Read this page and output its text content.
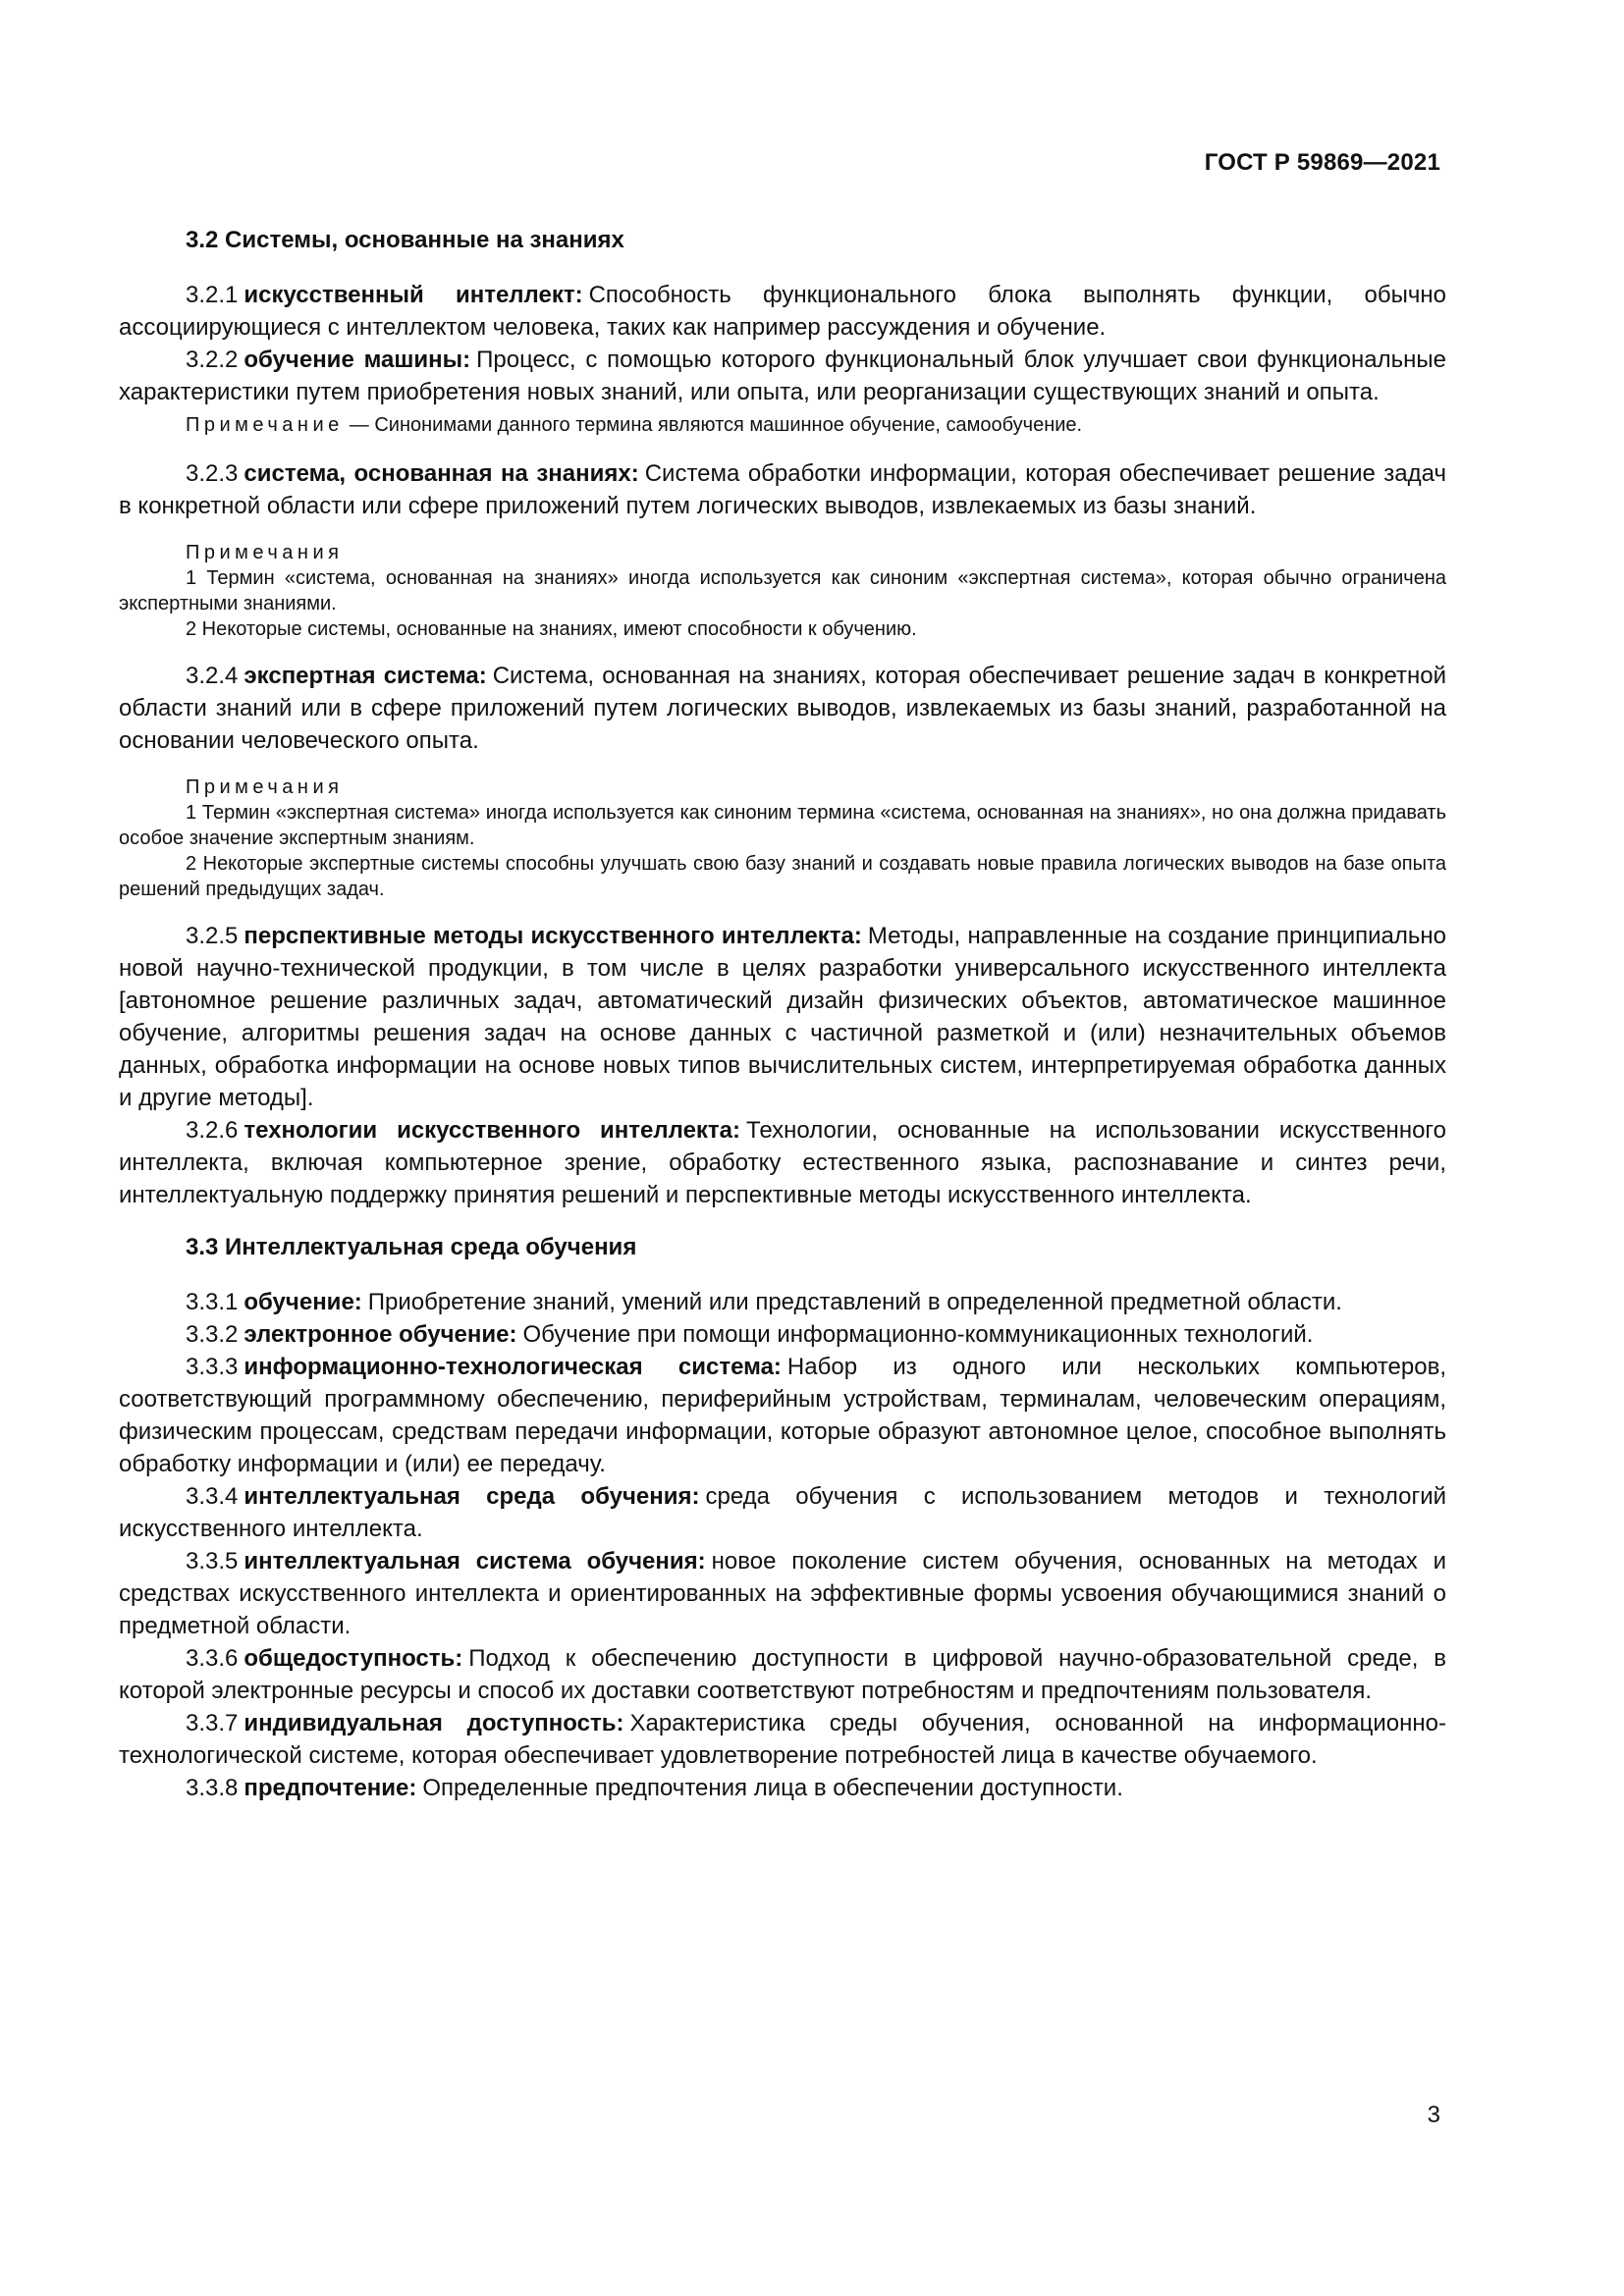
ГОСТ Р 59869—2021
3.2 Системы, основанные на знаниях

3.2.1 искусственный интеллект: Способность функционального блока выполнять функции, обычно ассоциирующиеся с интеллектом человека, таких как например рассуждения и обучение.

3.2.2 обучение машины: Процесс, с помощью которого функциональный блок улучшает свои функциональные характеристики путем приобретения новых знаний, или опыта, или реорганизации существующих знаний и опыта.

Примечание — Синонимами данного термина являются машинное обучение, самообучение.

3.2.3 система, основанная на знаниях: Система обработки информации, которая обеспечивает решение задач в конкретной области или сфере приложений путем логических выводов, извлекаемых из базы знаний.

Примечания

1 Термин «система, основанная на знаниях» иногда используется как синоним «экспертная система», которая обычно ограничена экспертными знаниями.

2 Некоторые системы, основанные на знаниях, имеют способности к обучению.

3.2.4 экспертная система: Система, основанная на знаниях, которая обеспечивает решение задач в конкретной области знаний или в сфере приложений путем логических выводов, извлекаемых из базы знаний, разработанной на основании человеческого опыта.

Примечания

1 Термин «экспертная система» иногда используется как синоним термина «система, основанная на знаниях», но она должна придавать особое значение экспертным знаниям.

2 Некоторые экспертные системы способны улучшать свою базу знаний и создавать новые правила логических выводов на базе опыта решений предыдущих задач.

3.2.5 перспективные методы искусственного интеллекта: Методы, направленные на создание принципиально новой научно-технической продукции, в том числе в целях разработки универсального искусственного интеллекта [автономное решение различных задач, автоматический дизайн физических объектов, автоматическое машинное обучение, алгоритмы решения задач на основе данных с частичной разметкой и (или) незначительных объемов данных, обработка информации на основе новых типов вычислительных систем, интерпретируемая обработка данных и другие методы].

3.2.6 технологии искусственного интеллекта: Технологии, основанные на использовании искусственного интеллекта, включая компьютерное зрение, обработку естественного языка, распознавание и синтез речи, интеллектуальную поддержку принятия решений и перспективные методы искусственного интеллекта.

3.3 Интеллектуальная среда обучения

3.3.1 обучение: Приобретение знаний, умений или представлений в определенной предметной области.

3.3.2 электронное обучение: Обучение при помощи информационно-коммуникационных технологий.

3.3.3 информационно-технологическая система: Набор из одного или нескольких компьютеров, соответствующий программному обеспечению, периферийным устройствам, терминалам, человеческим операциям, физическим процессам, средствам передачи информации, которые образуют автономное целое, способное выполнять обработку информации и (или) ее передачу.

3.3.4 интеллектуальная среда обучения: среда обучения с использованием методов и технологий искусственного интеллекта.

3.3.5 интеллектуальная система обучения: новое поколение систем обучения, основанных на методах и средствах искусственного интеллекта и ориентированных на эффективные формы усвоения обучающимися знаний о предметной области.

3.3.6 общедоступность: Подход к обеспечению доступности в цифровой научно-образовательной среде, в которой электронные ресурсы и способ их доставки соответствуют потребностям и предпочтениям пользователя.

3.3.7 индивидуальная доступность: Характеристика среды обучения, основанной на информационно-технологической системе, которая обеспечивает удовлетворение потребностей лица в качестве обучаемого.

3.3.8 предпочтение: Определенные предпочтения лица в обеспечении доступности.

3
